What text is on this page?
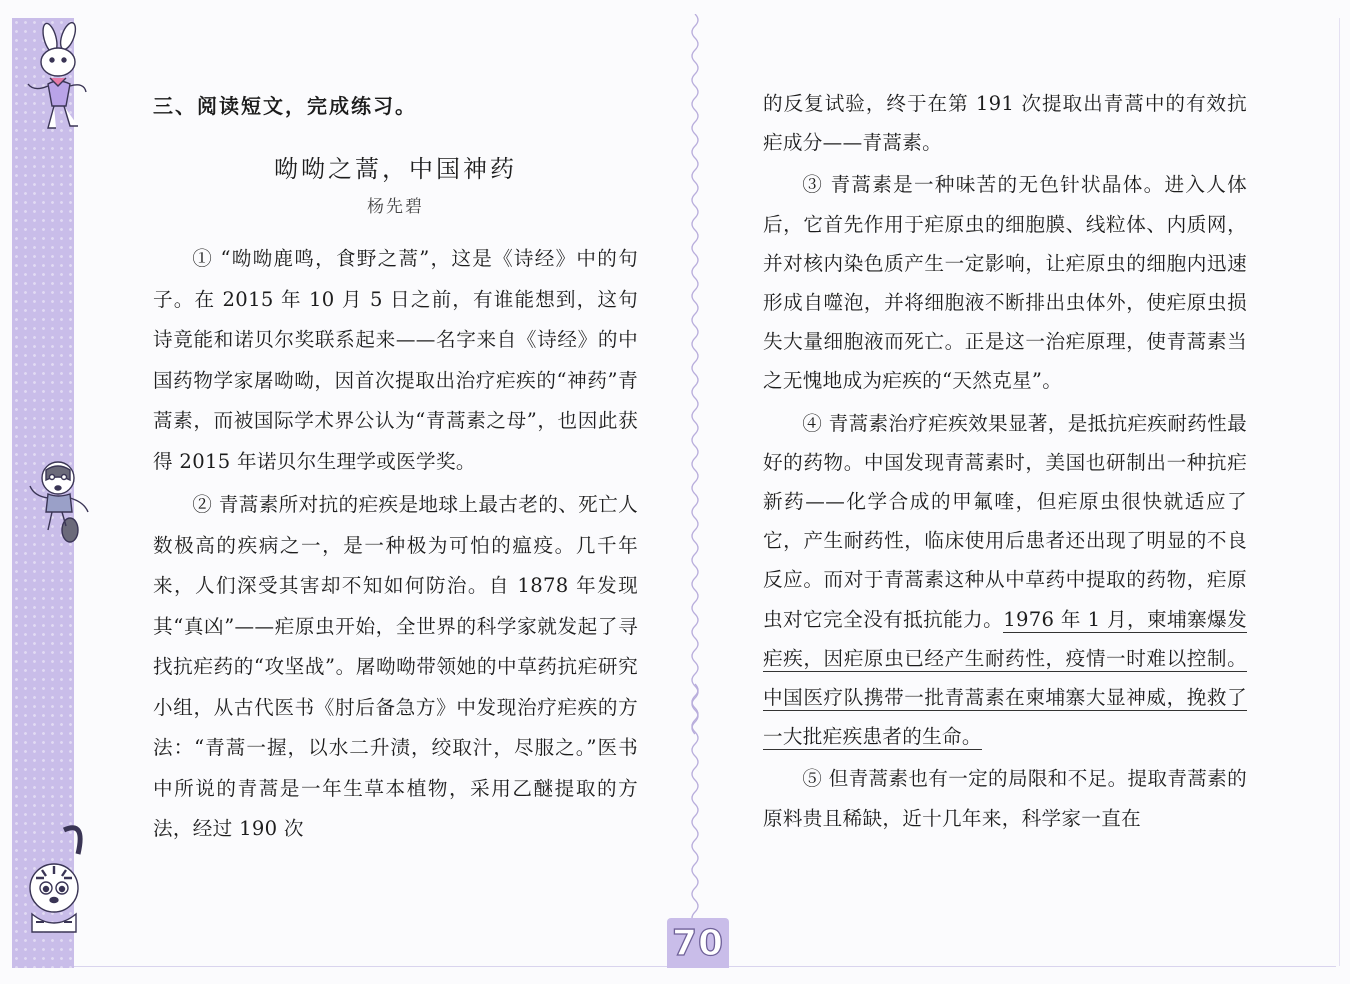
三、阅读短文，完成练习。
呦呦之蒿，中国神药
杨先碧

① “呦呦鹿鸣，食野之蒿”，这是《诗经》中的句子。在 2015 年 10 月 5 日之前，有谁能想到，这句诗竟能和诺贝尔奖联系起来——名字来自《诗经》的中国药物学家屠呦呦，因首次提取出治疗疟疾的“神药”青蒿素，而被国际学术界公认为“青蒿素之母”，也因此获得 2015 年诺贝尔生理学或医学奖。

② 青蒿素所对抗的疟疾是地球上最古老的、死亡人数极高的疾病之一，是一种极为可怕的瘟疫。几千年来，人们深受其害却不知如何防治。自 1878 年发现其“真凶”——疟原虫开始，全世界的科学家就发起了寻找抗疟药的“攻坚战”。屠呦呦带领她的中草药抗疟研究小组，从古代医书《肘后备急方》中发现治疗疟疾的方法：“青蒿一握，以水二升渍，绞取汁，尽服之。”医书中所说的青蒿是一年生草本植物，采用乙醚提取的方法，经过 190 次

的反复试验，终于在第 191 次提取出青蒿中的有效抗疟成分——青蒿素。

③ 青蒿素是一种味苦的无色针状晶体。进入人体后，它首先作用于疟原虫的细胞膜、线粒体、内质网，并对核内染色质产生一定影响，让疟原虫的细胞内迅速形成自噬泡，并将细胞液不断排出虫体外，使疟原虫损失大量细胞液而死亡。正是这一治疟原理，使青蒿素当之无愧地成为疟疾的“天然克星”。

④ 青蒿素治疗疟疾效果显著，是抵抗疟疾耐药性最好的药物。中国发现青蒿素时，美国也研制出一种抗疟新药——化学合成的甲氟喹，但疟原虫很快就适应了它，产生耐药性，临床使用后患者还出现了明显的不良反应。而对于青蒿素这种从中草药中提取的药物，疟原虫对它完全没有抵抗能力。1976 年 1 月，柬埔寨爆发疟疾，因疟原虫已经产生耐药性，疫情一时难以控制。中国医疗队携带一批青蒿素在柬埔寨大显神威，挽救了一大批疟疾患者的生命。

⑤ 但青蒿素也有一定的局限和不足。提取青蒿素的原料贵且稀缺，近十几年来，科学家一直在

70
